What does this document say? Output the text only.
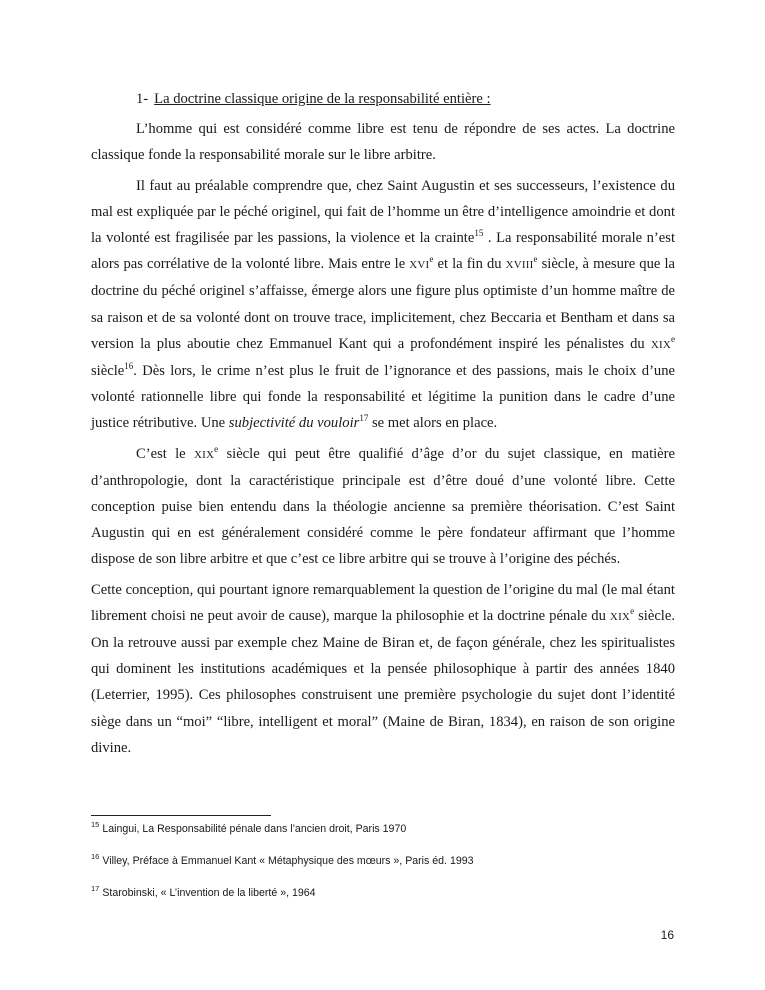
1- La doctrine classique origine de la responsabilité entière :

L’homme qui est considéré comme libre est tenu de répondre de ses actes. La doctrine classique fonde la responsabilité morale sur le libre arbitre.

Il faut au préalable comprendre que, chez Saint Augustin et ses successeurs, l’existence du mal est expliquée par le péché originel, qui fait de l’homme un être d’intelligence amoindrie et dont la volonté est fragilisée par les passions, la violence et la crainte$^{15}$ . La responsabilité morale n’est alors pas corrélative de la volonté libre. Mais entre le XVIe et la fin du XVIIIe siècle, à mesure que la doctrine du péché originel s’affaisse, émerge alors une figure plus optimiste d’un homme maître de sa raison et de sa volonté dont on trouve trace, implicitement, chez Beccaria et Bentham et dans sa version la plus aboutie chez Emmanuel Kant qui a profondément inspiré les pénalistes du XIXe siècle$^{16}$. Dès lors, le crime n’est plus le fruit de l’ignorance et des passions, mais le choix d’une volonté rationnelle libre qui fonde la responsabilité et légitime la punition dans le cadre d’une justice rétributive. Une subjectivité du vouloir$^{17}$ se met alors en place.

C’est le XIXe siècle qui peut être qualifié d’âge d’or du sujet classique, en matière d’anthropologie, dont la caractéristique principale est d’être doué d’une volonté libre. Cette conception puise bien entendu dans la théologie ancienne sa première théorisation. C’est Saint Augustin qui en est généralement considéré comme le père fondateur affirmant que l’homme dispose de son libre arbitre et que c’est ce libre arbitre qui se trouve à l’origine des péchés.

Cette conception, qui pourtant ignore remarquablement la question de l’origine du mal (le mal étant librement choisi ne peut avoir de cause), marque la philosophie et la doctrine pénale du XIXe siècle. On la retrouve aussi par exemple chez Maine de Biran et, de façon générale, chez les spiritualistes qui dominent les institutions académiques et la pensée philosophique à partir des années 1840 (Leterrier, 1995). Ces philosophes construisent une première psychologie du sujet dont l’identité siège dans un “moi” “libre, intelligent et moral” (Maine de Biran, 1834), en raison de son origine divine.

$^{15}$ Laingui, La Responsabilité pénale dans l’ancien droit, Paris 1970
$^{16}$ Villey, Préface à Emmanuel Kant « Métaphysique des mœurs », Paris éd. 1993
$^{17}$ Starobinski, « L’invention de la liberté », 1964
16
